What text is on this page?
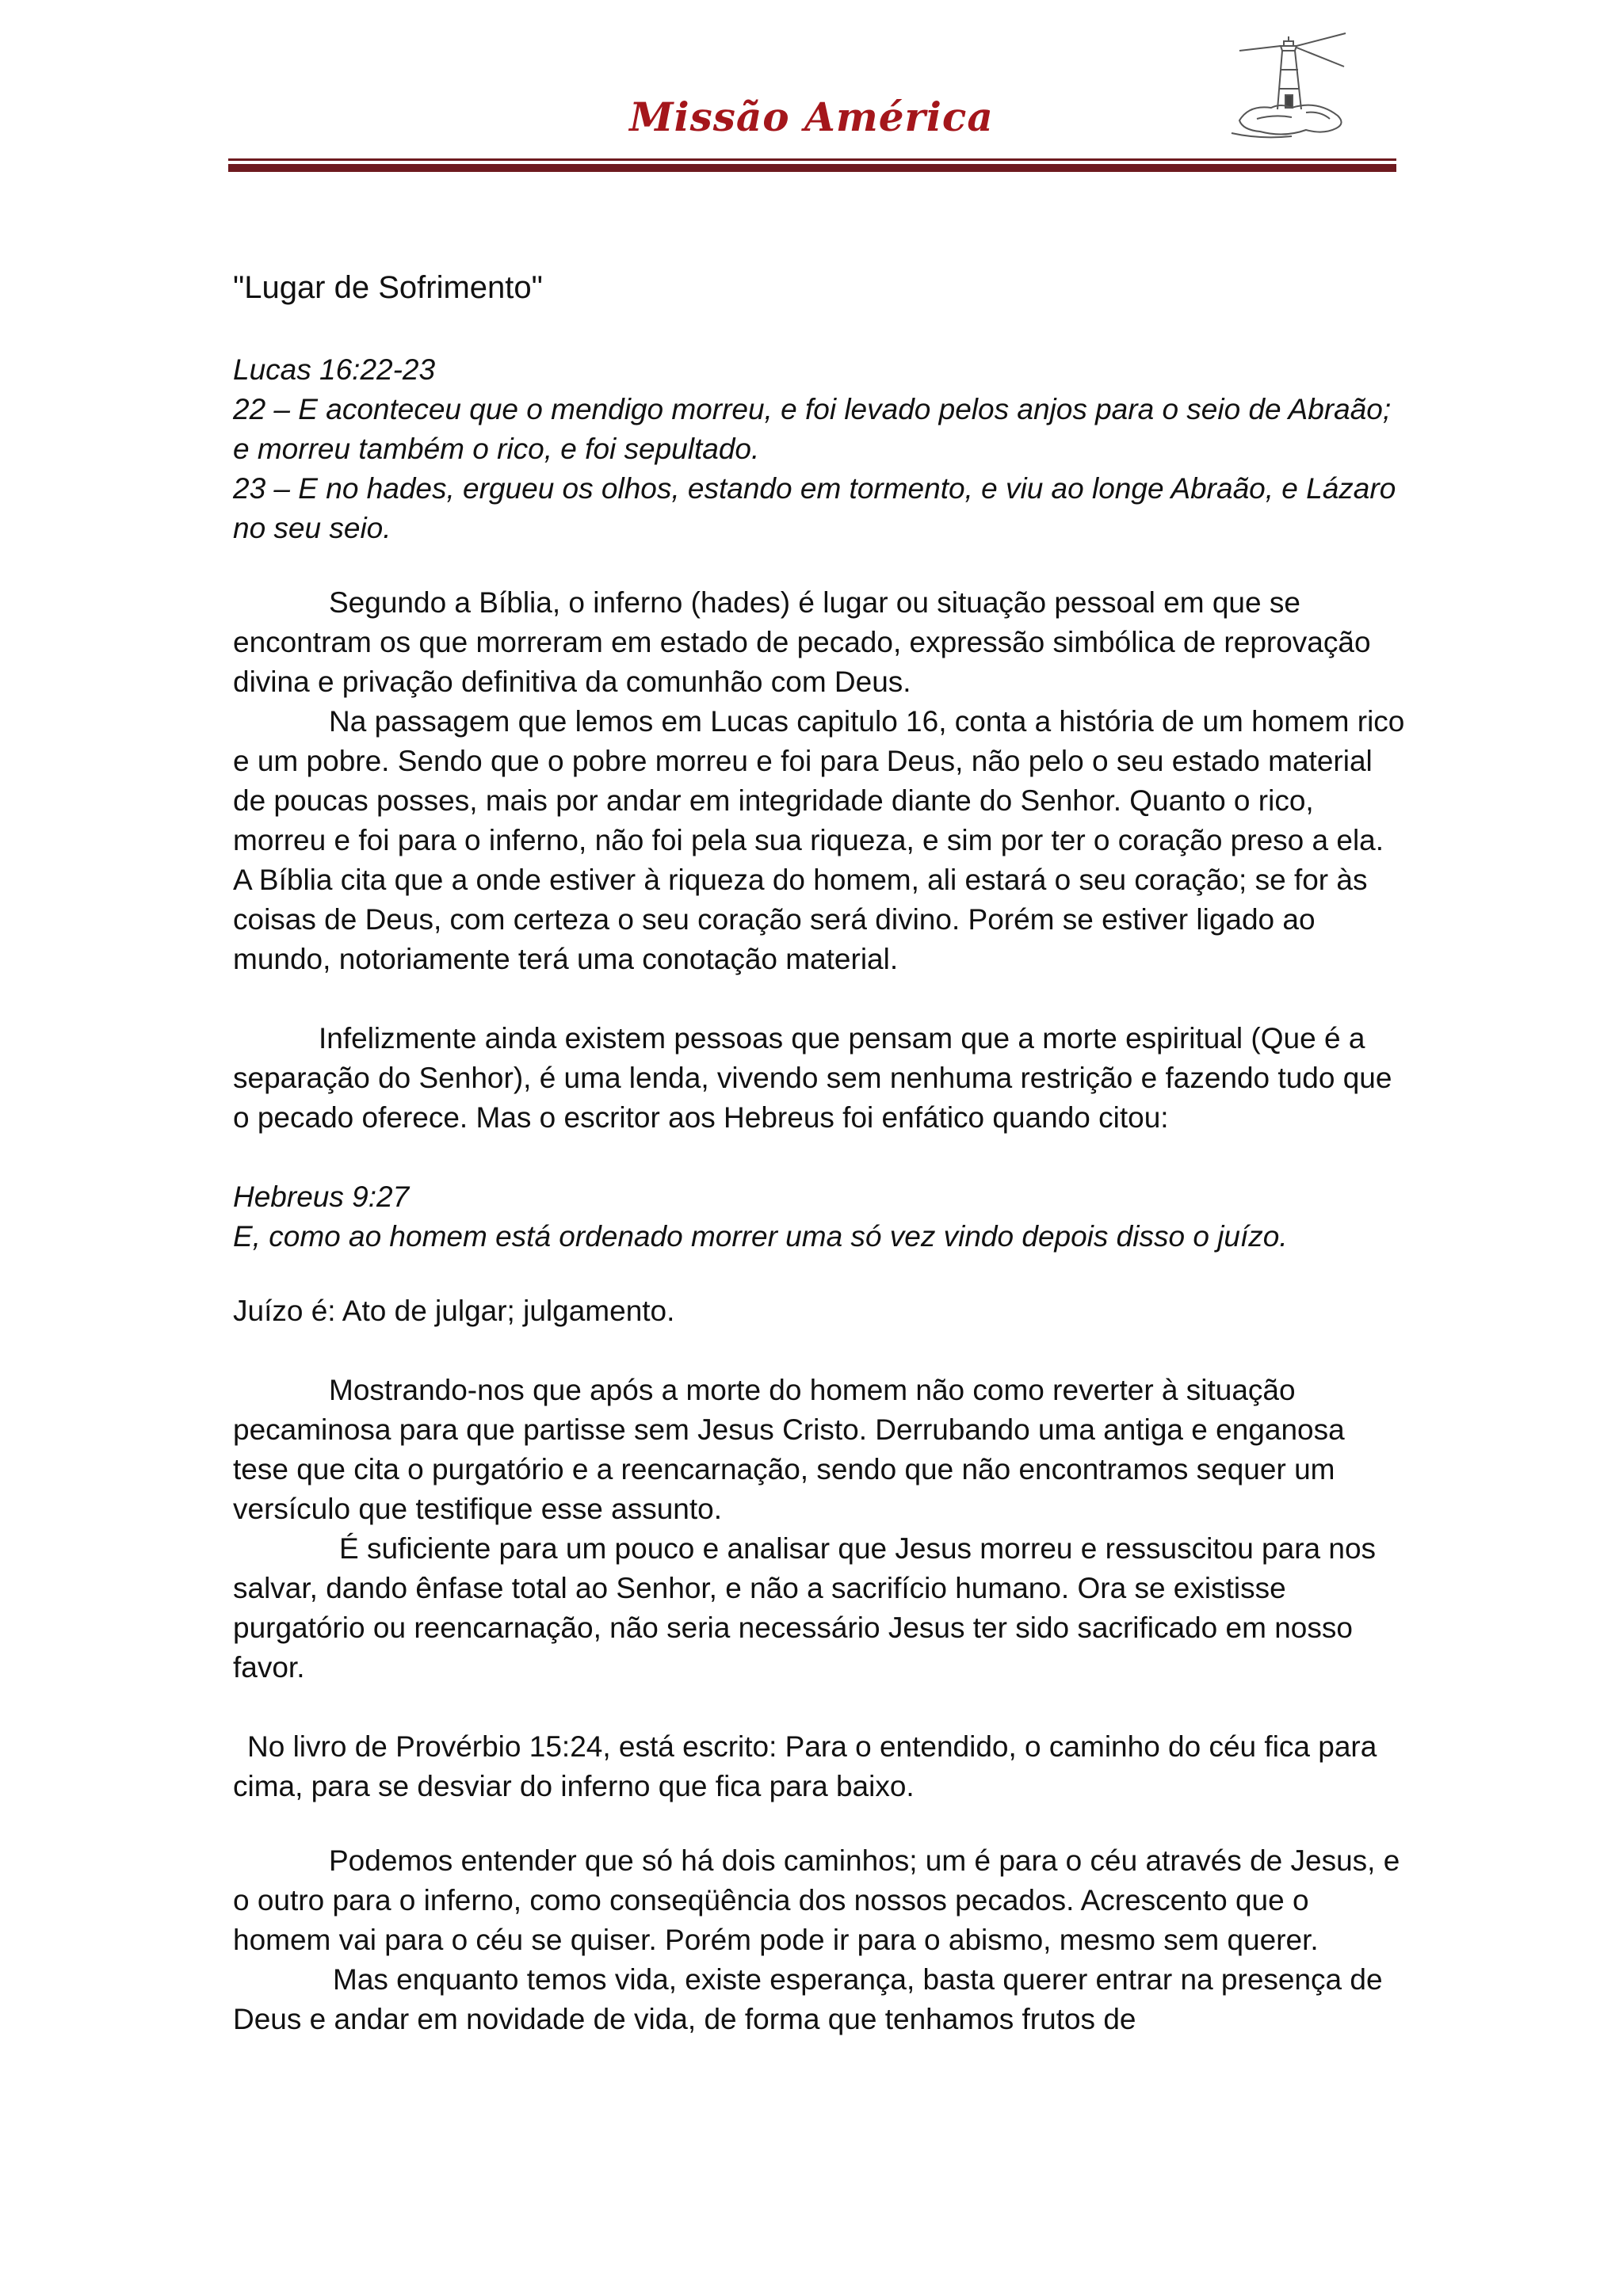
Missão América

"Lugar de Sofrimento"

Lucas 16:22-23

22 – E aconteceu que o mendigo morreu, e foi levado pelos anjos para o seio de Abraão; e morreu também o rico, e foi sepultado.

23 – E no hades, ergueu os olhos, estando em tormento, e viu ao longe Abraão, e Lázaro no seu seio.

Segundo a Bíblia, o inferno (hades) é lugar ou situação pessoal em que se encontram os que morreram em estado de pecado, expressão simbólica de reprovação divina e privação definitiva da comunhão com Deus.

Na passagem que lemos em Lucas capitulo 16, conta a história de um homem rico e um pobre. Sendo que o pobre morreu e foi para Deus, não pelo o seu estado material de poucas posses, mais por andar em integridade diante do Senhor. Quanto o rico, morreu e foi para o inferno, não foi pela sua riqueza, e sim por ter o coração preso a ela. A Bíblia cita que a onde estiver à riqueza do homem, ali estará o seu coração; se for às coisas de Deus, com certeza o seu coração será divino. Porém se estiver ligado ao mundo, notoriamente terá uma conotação material.

Infelizmente ainda existem pessoas que pensam que a morte espiritual (Que é a separação do Senhor), é uma lenda, vivendo sem nenhuma restrição e fazendo tudo que o pecado oferece. Mas o escritor aos Hebreus foi enfático quando citou:

Hebreus 9:27

E, como ao homem está ordenado morrer uma só vez vindo depois disso o juízo.

Juízo é: Ato de julgar; julgamento.

Mostrando-nos que após a morte do homem não como reverter à situação pecaminosa para que partisse sem Jesus Cristo. Derrubando uma antiga e enganosa tese que cita o purgatório e a reencarnação, sendo que não encontramos sequer um versículo que testifique esse assunto.

É suficiente para um pouco e analisar que Jesus morreu e ressuscitou para nos salvar, dando ênfase total ao Senhor, e não a sacrifício humano. Ora se existisse purgatório ou reencarnação, não seria necessário Jesus ter sido sacrificado em nosso favor.

No livro de Provérbio 15:24, está escrito: Para o entendido, o caminho do céu fica para cima, para se desviar do inferno que fica para baixo.

Podemos entender que só há dois caminhos; um é para o céu através de Jesus, e o outro para o inferno, como conseqüência dos nossos pecados. Acrescento que o homem vai para o céu se quiser. Porém pode ir para o abismo, mesmo sem querer.

Mas enquanto temos vida, existe esperança, basta querer entrar na presença de Deus e andar em novidade de vida, de forma que tenhamos frutos de
